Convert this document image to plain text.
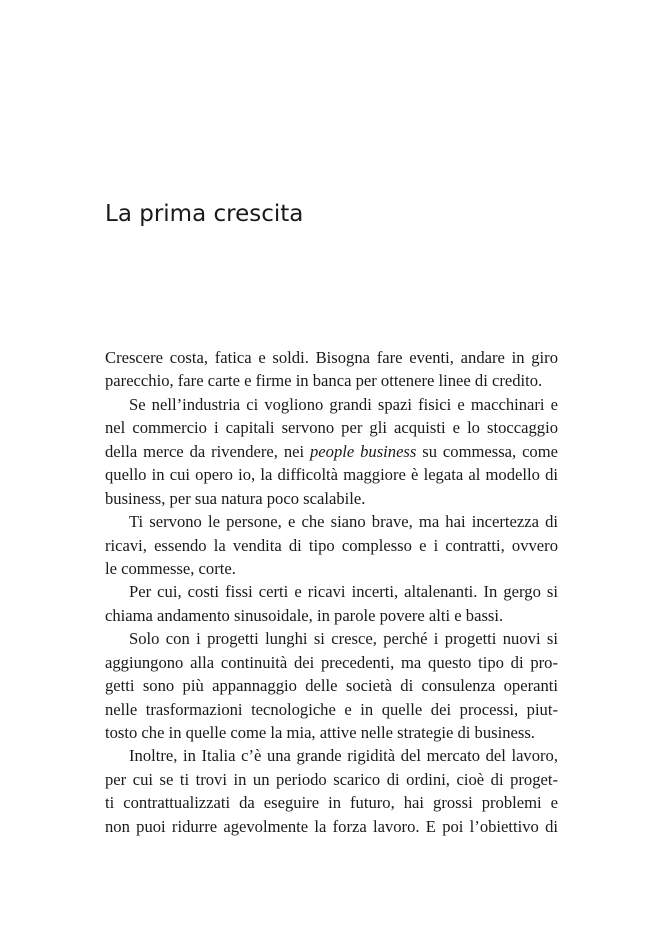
La prima crescita
Crescere costa, fatica e soldi. Bisogna fare eventi, andare in giro
parecchio, fare carte e firme in banca per ottenere linee di credito.
Se nell’industria ci vogliono grandi spazi fisici e macchinari e
nel commercio i capitali servono per gli acquisti e lo stoccaggio
della merce da rivendere, nei people business su commessa, come
quello in cui opero io, la difficoltà maggiore è legata al modello di
business, per sua natura poco scalabile.
Ti servono le persone, e che siano brave, ma hai incertezza di
ricavi, essendo la vendita di tipo complesso e i contratti, ovvero
le commesse, corte.
Per cui, costi fissi certi e ricavi incerti, altalenanti. In gergo si
chiama andamento sinusoidale, in parole povere alti e bassi.
Solo con i progetti lunghi si cresce, perché i progetti nuovi si
aggiungono alla continuità dei precedenti, ma questo tipo di pro-
getti sono più appannaggio delle società di consulenza operanti
nelle trasformazioni tecnologiche e in quelle dei processi, piut-
tosto che in quelle come la mia, attive nelle strategie di business.
Inoltre, in Italia c’è una grande rigidità del mercato del lavoro,
per cui se ti trovi in un periodo scarico di ordini, cioè di proget-
ti contrattualizzati da eseguire in futuro, hai grossi problemi e
non puoi ridurre agevolmente la forza lavoro. E poi l’obiettivo di
